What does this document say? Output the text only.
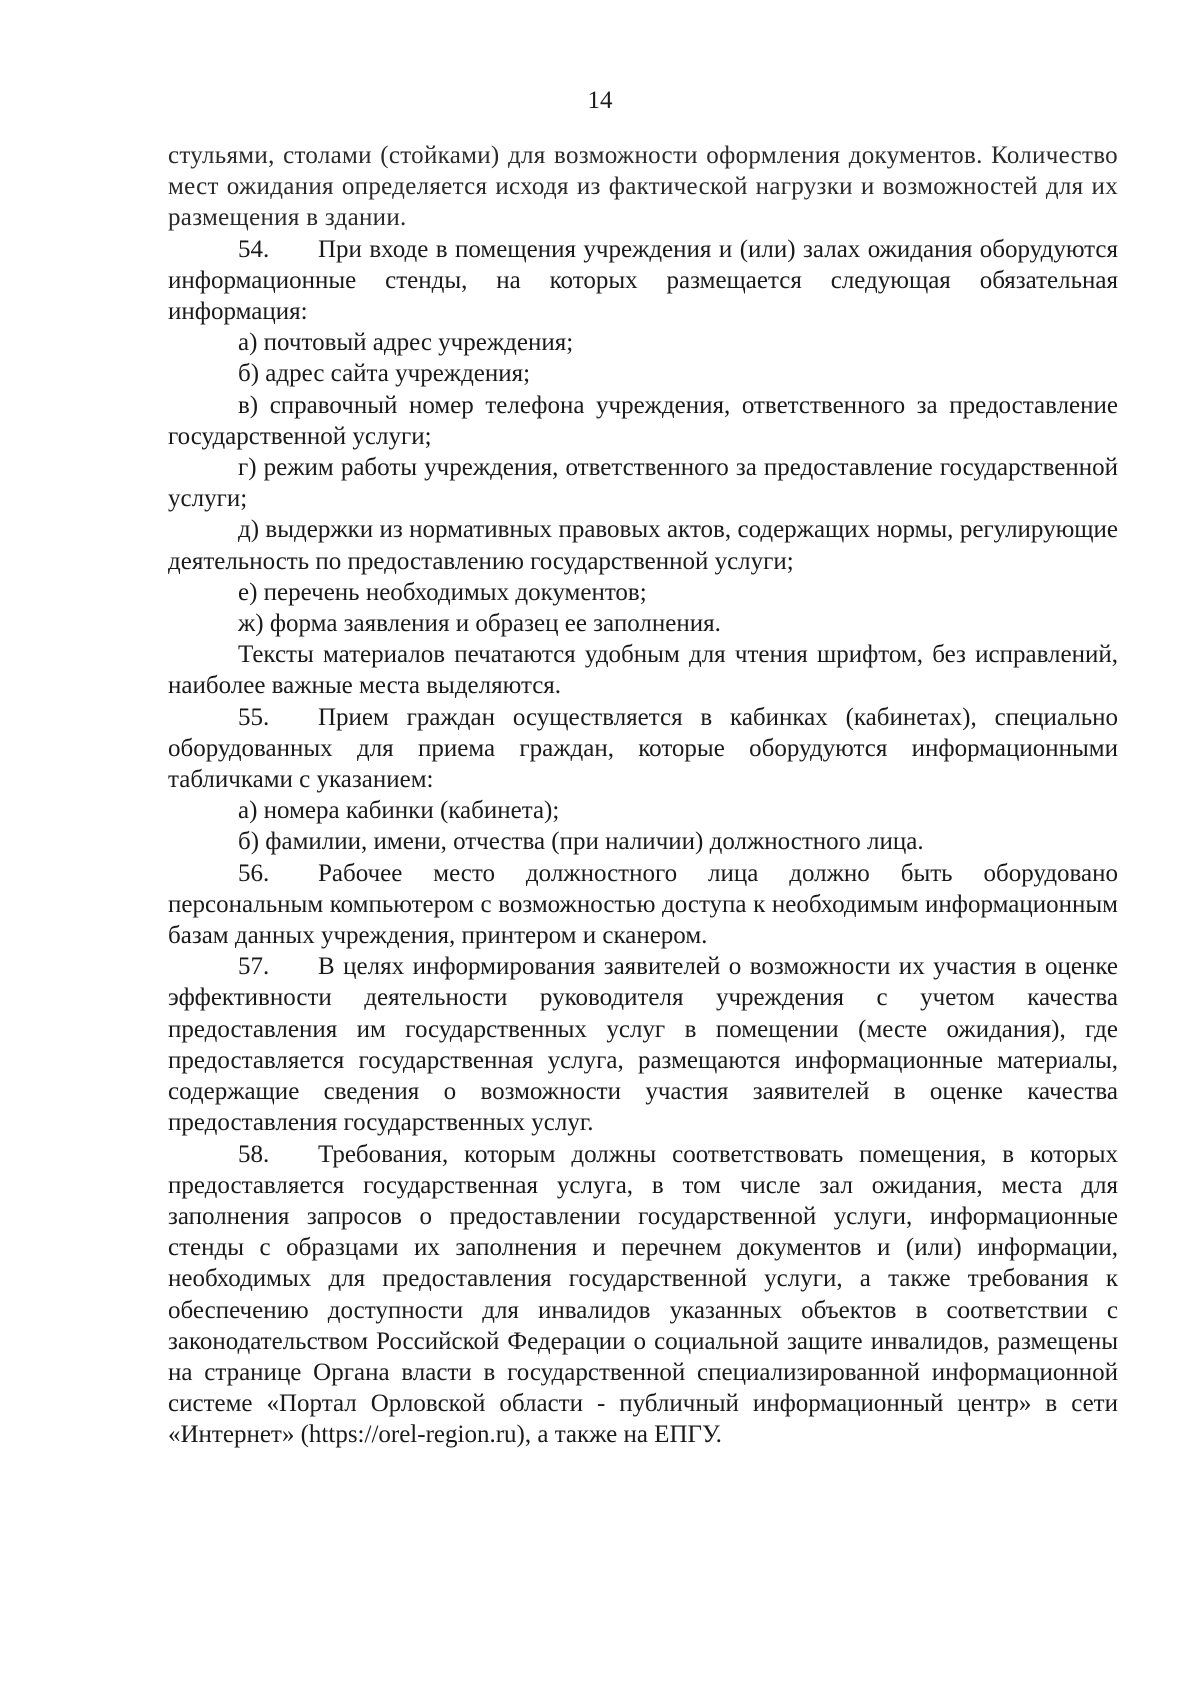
14

стульями, столами (стойками) для возможности оформления документов. Количество мест ожидания определяется исходя из фактической нагрузки и возможностей для их размещения в здании.

54. При входе в помещения учреждения и (или) залах ожидания оборудуются информационные стенды, на которых размещается следующая обязательная информация:

а) почтовый адрес учреждения;

б) адрес сайта учреждения;

в) справочный номер телефона учреждения, ответственного за предоставление государственной услуги;

г) режим работы учреждения, ответственного за предоставление государственной услуги;

д) выдержки из нормативных правовых актов, содержащих нормы, регулирующие деятельность по предоставлению государственной услуги;

е) перечень необходимых документов;

ж) форма заявления и образец ее заполнения.

Тексты материалов печатаются удобным для чтения шрифтом, без исправлений, наиболее важные места выделяются.

55. Прием граждан осуществляется в кабинках (кабинетах), специально оборудованных для приема граждан, которые оборудуются информационными табличками с указанием:

а) номера кабинки (кабинета);

б) фамилии, имени, отчества (при наличии) должностного лица.

56. Рабочее место должностного лица должно быть оборудовано персональным компьютером с возможностью доступа к необходимым информационным базам данных учреждения, принтером и сканером.

57. В целях информирования заявителей о возможности их участия в оценке эффективности деятельности руководителя учреждения с учетом качества предоставления им государственных услуг в помещении (месте ожидания), где предоставляется государственная услуга, размещаются информационные материалы, содержащие сведения о возможности участия заявителей в оценке качества предоставления государственных услуг.

58. Требования, которым должны соответствовать помещения, в которых предоставляется государственная услуга, в том числе зал ожидания, места для заполнения запросов о предоставлении государственной услуги, информационные стенды с образцами их заполнения и перечнем документов и (или) информации, необходимых для предоставления государственной услуги, а также требования к обеспечению доступности для инвалидов указанных объектов в соответствии с законодательством Российской Федерации о социальной защите инвалидов, размещены на странице Органа власти в государственной специализированной информационной системе «Портал Орловской области - публичный информационный центр» в сети «Интернет» (https://orel-region.ru), а также на ЕПГУ.
